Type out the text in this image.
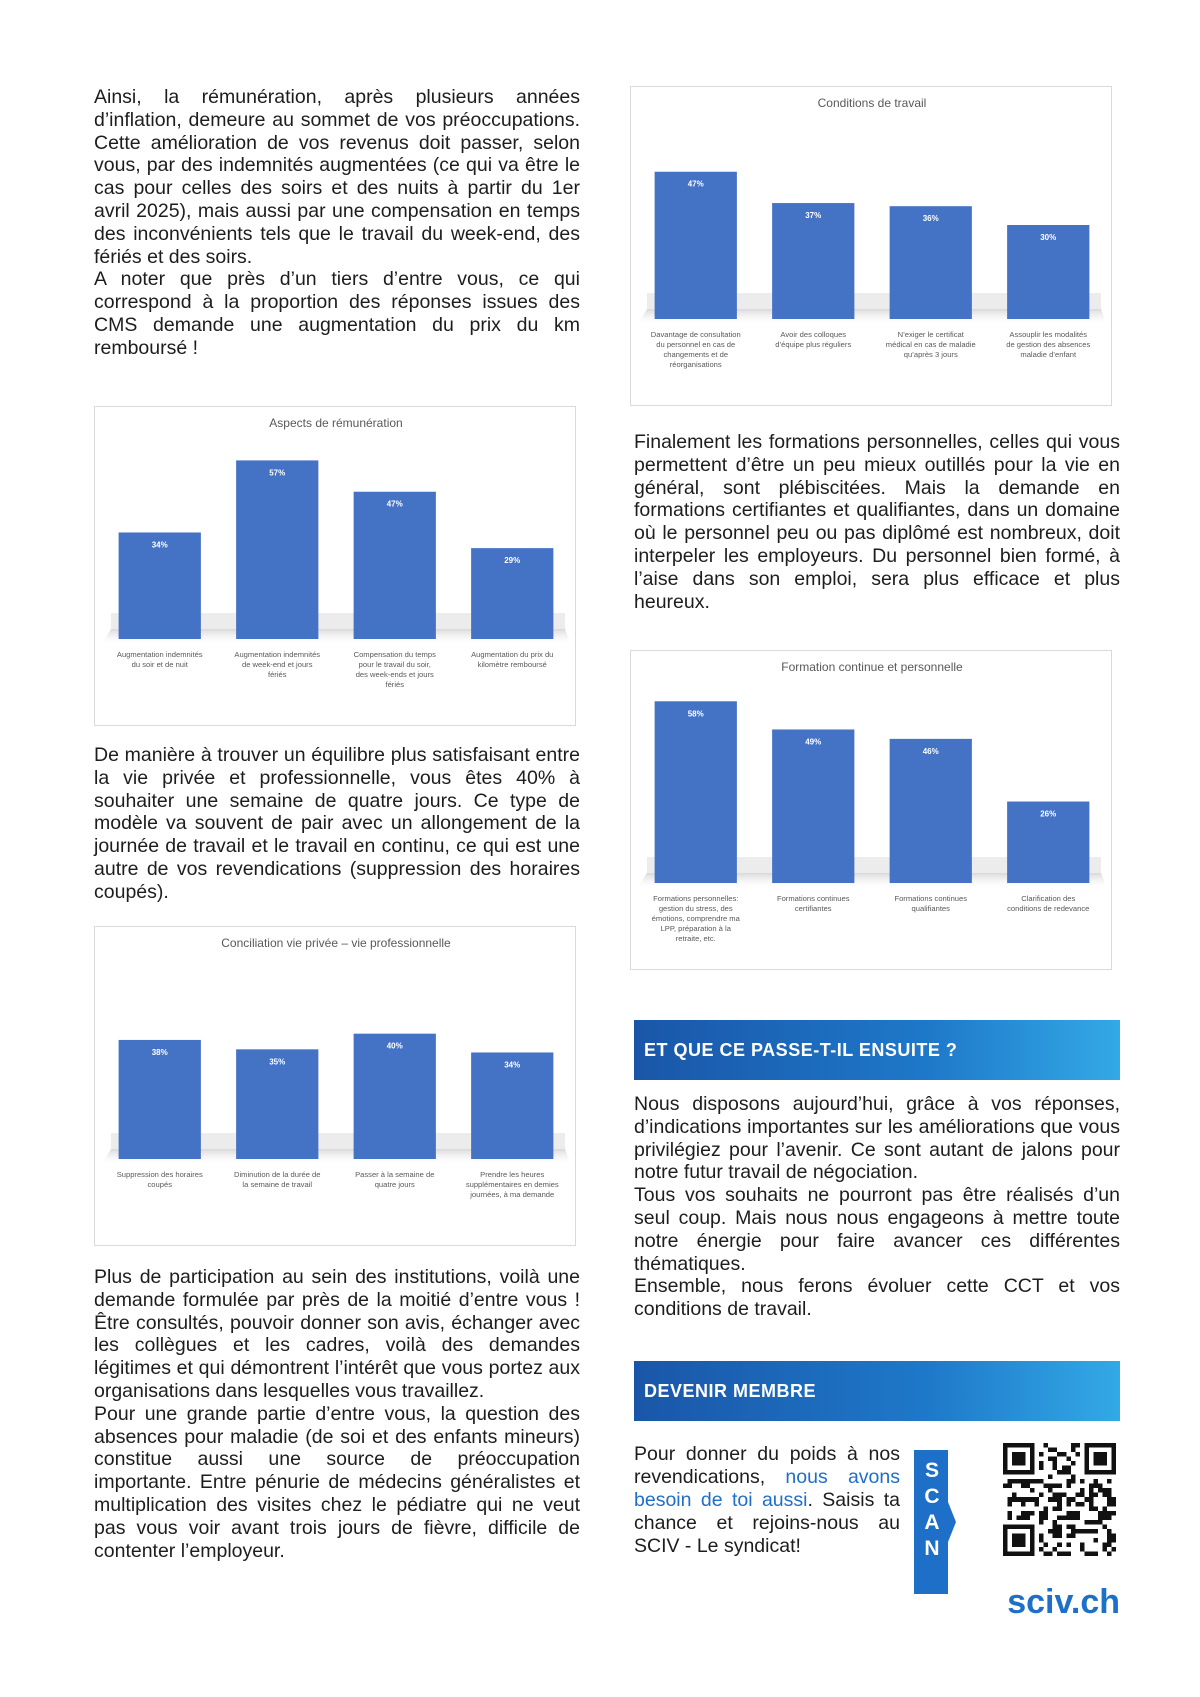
Ainsi, la rémunération, après plusieurs années d’inflation, demeure au sommet de vos préoccupations. Cette amélioration de vos revenus doit passer, selon vous, par des indemnités augmentées (ce qui va être le cas pour celles des soirs et des nuits à partir du 1er avril 2025), mais aussi par une compensation en temps des inconvénients tels que le travail du week-end, des fériés et des soirs.
A noter que près d’un tiers d’entre vous, ce qui correspond à la proportion des réponses issues des CMS demande une augmentation du prix du km remboursé !
Aspects de rémunération
34%
Augmentation indemnités du soir et de nuit
57%
Augmentation indemnités de week-end et jours fériés
47%
Compensation du temps pour le travail du soir, des week-ends et jours fériés
29%
Augmentation du prix du kilomètre remboursé
De manière à trouver un équilibre plus satisfaisant entre la vie privée et professionnelle, vous êtes 40% à souhaiter une semaine de quatre jours. Ce type de modèle va souvent de pair avec un allongement de la journée de travail et le travail en continu, ce qui est une autre de vos revendications (suppression des horaires coupés).
Conciliation vie privée – vie professionnelle
38%
Suppression des horaires coupés
35%
Diminution de la durée de la semaine de travail
40%
Passer à la semaine de quatre jours
34%
Prendre les heures supplémentaires en demies journées, à ma demande
Plus de participation au sein des institutions, voilà une demande formulée par près de la moitié d’entre vous ! Être consultés, pouvoir donner son avis, échanger avec les collègues et les cadres, voilà des demandes légitimes et qui démontrent l’intérêt que vous portez aux organisations dans lesquelles vous travaillez.
Pour une grande partie d’entre vous, la question des absences pour maladie (de soi et des enfants mineurs) constitue aussi une source de préoccupation importante. Entre pénurie de médecins généralistes et multiplication des visites chez le pédiatre qui ne veut pas vous voir avant trois jours de fièvre, difficile de contenter l’employeur.
Conditions de travail
47%
Davantage de consultation du personnel en cas de changements et de réorganisations
37%
Avoir des colloques d’équipe plus réguliers
36%
N’exiger le certificat médical en cas de maladie qu’après 3 jours
30%
Assouplir les modalités de gestion des absences maladie d’enfant
Finalement les formations personnelles, celles qui vous permettent d’être un peu mieux outillés pour la vie en général, sont plébiscitées. Mais la demande en formations certifiantes et qualifiantes, dans un domaine où le personnel peu ou pas diplômé est nombreux, doit interpeler les employeurs. Du personnel bien formé, à l’aise dans son emploi, sera plus efficace et plus heureux.
Formation continue et personnelle
58%
Formations personnelles: gestion du stress, des émotions, comprendre ma LPP, préparation à la retraite, etc.
49%
Formations continues certifiantes
46%
Formations continues qualifiantes
26%
Clarification des conditions de redevance
ET QUE CE PASSE-T-IL ENSUITE ?
Nous disposons aujourd’hui, grâce à vos réponses, d’indications importantes sur les améliorations que vous privilégiez pour l’avenir. Ce sont autant de jalons pour notre futur travail de négociation.
Tous vos souhaits ne pourront pas être réalisés d’un seul coup. Mais nous nous engageons à mettre toute notre énergie pour faire avancer ces différentes thématiques.
Ensemble, nous ferons évoluer cette CCT et vos conditions de travail.
DEVENIR MEMBRE
Pour donner du poids à nos revendications, nous avons besoin de toi aussi. Saisis ta chance et rejoins-nous au SCIV - Le syndicat!
S
C
A
N
sciv.ch
